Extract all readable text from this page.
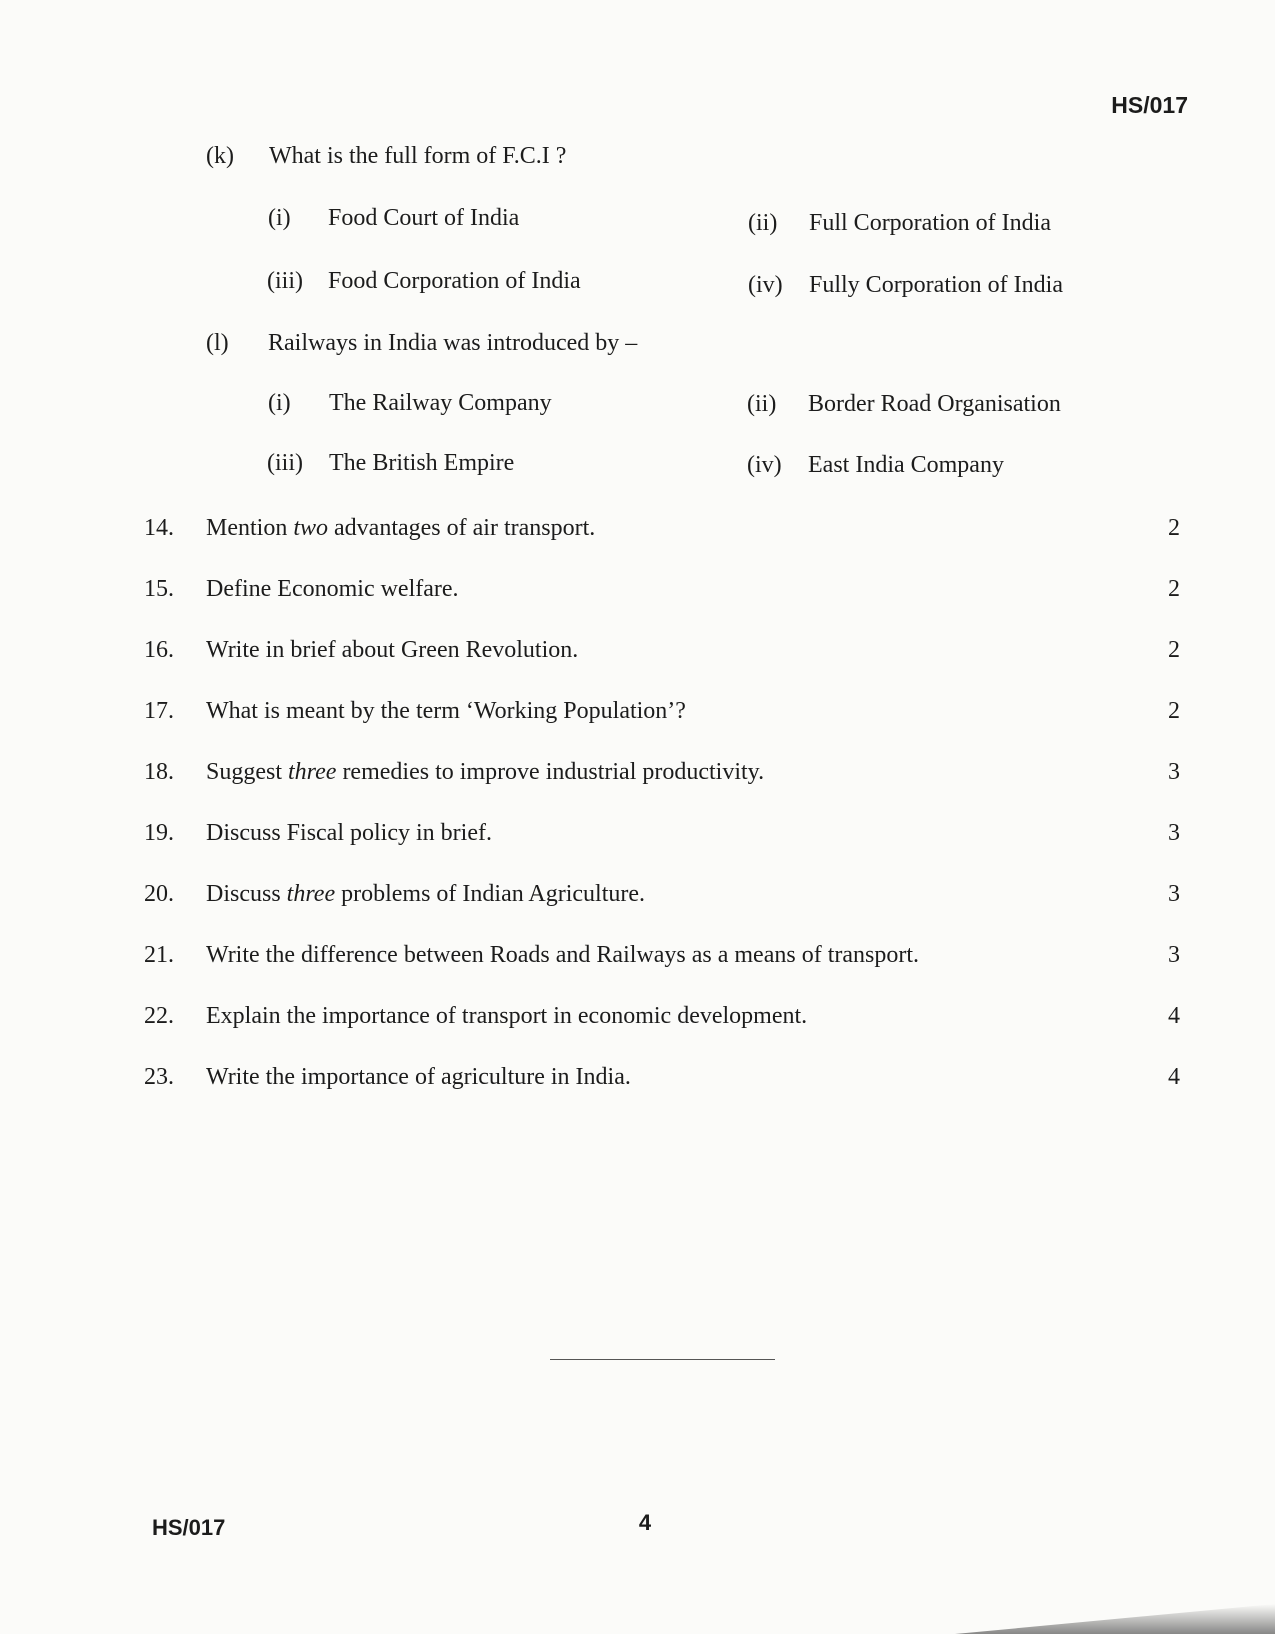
HS/017
(k) What is the full form of F.C.I ?
(i) Food Court of India	(ii) Full Corporation of India
(iii) Food Corporation of India	(iv) Fully Corporation of India
(l) Railways in India was introduced by –
(i) The Railway Company	(ii) Border Road Organisation
(iii) The British Empire	(iv) East India Company
14. Mention two advantages of air transport.	2
15. Define Economic welfare.	2
16. Write in brief about Green Revolution.	2
17. What is meant by the term ‘Working Population’?	2
18. Suggest three remedies to improve industrial productivity.	3
19. Discuss Fiscal policy in brief.	3
20. Discuss three problems of Indian Agriculture.	3
21. Write the difference between Roads and Railways as a means of transport.	3
22. Explain the importance of transport in economic development.	4
23. Write the importance of agriculture in India.	4
HS/017	4
